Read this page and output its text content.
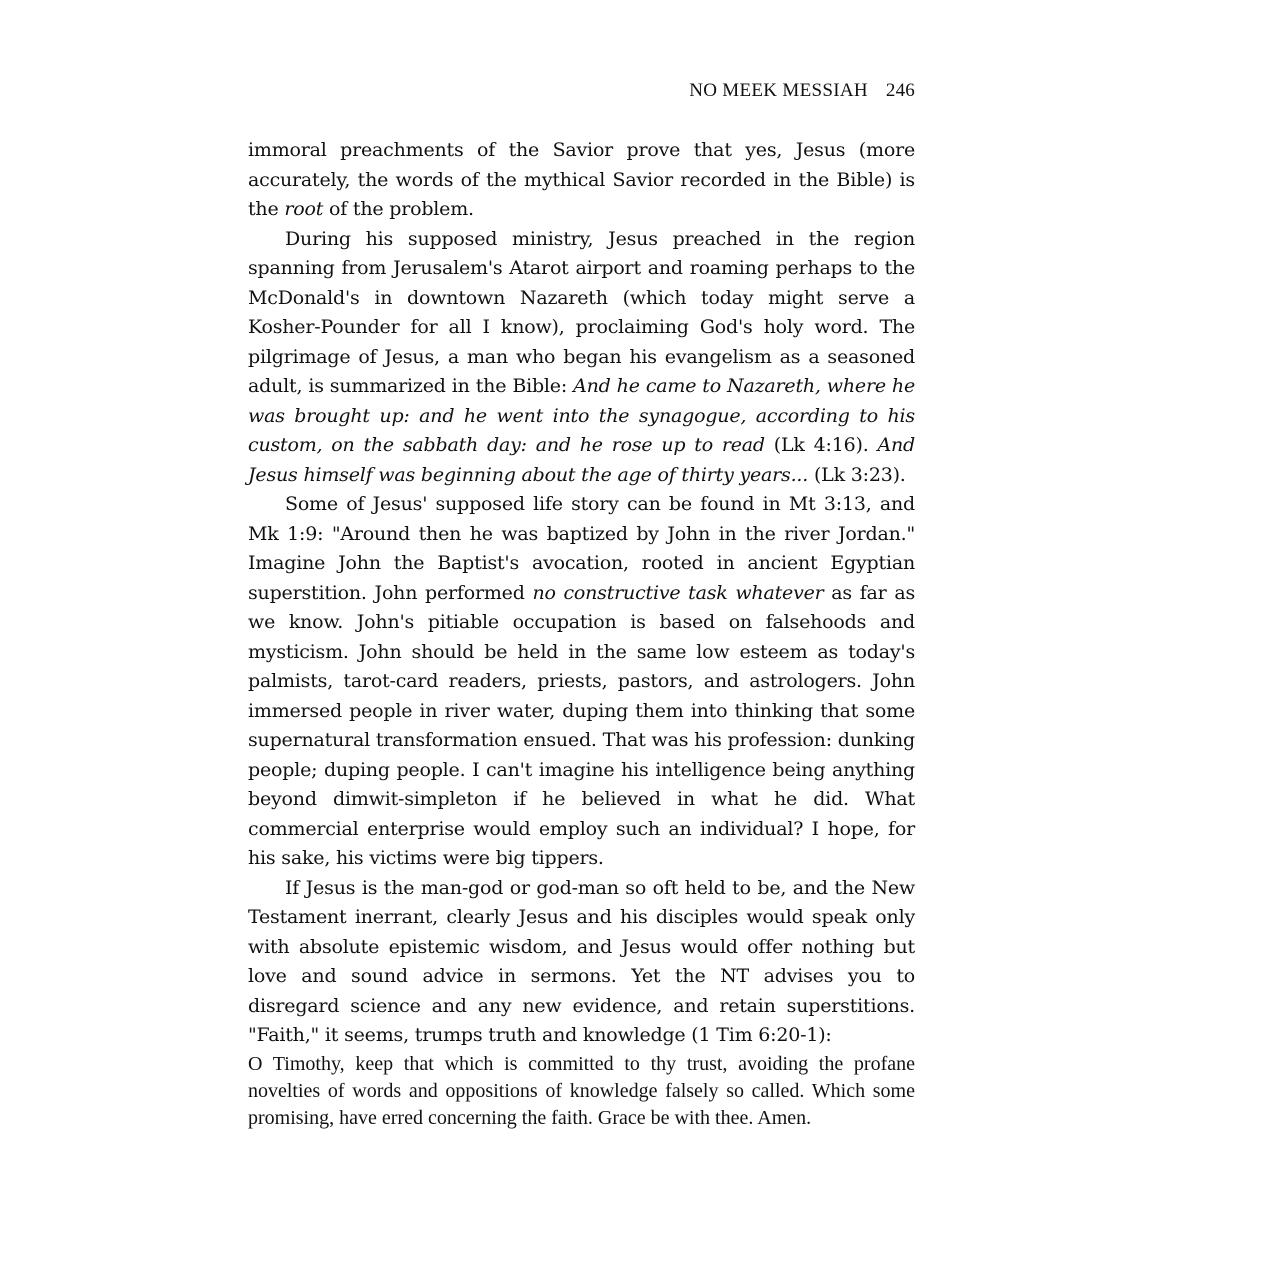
NO MEEK MESSIAH 246

immoral preachments of the Savior prove that yes, Jesus (more accurately, the words of the mythical Savior recorded in the Bible) is the root of the problem.

During his supposed ministry, Jesus preached in the region spanning from Jerusalem's Atarot airport and roaming perhaps to the McDonald's in downtown Nazareth (which today might serve a Kosher-Pounder for all I know), proclaiming God's holy word. The pilgrimage of Jesus, a man who began his evangelism as a seasoned adult, is summarized in the Bible: And he came to Nazareth, where he was brought up: and he went into the synagogue, according to his custom, on the sabbath day: and he rose up to read (Lk 4:16). And Jesus himself was beginning about the age of thirty years... (Lk 3:23).

Some of Jesus' supposed life story can be found in Mt 3:13, and Mk 1:9: "Around then he was baptized by John in the river Jordan." Imagine John the Baptist's avocation, rooted in ancient Egyptian superstition. John performed no constructive task whatever as far as we know. John's pitiable occupation is based on falsehoods and mysticism. John should be held in the same low esteem as today's palmists, tarot-card readers, priests, pastors, and astrologers. John immersed people in river water, duping them into thinking that some supernatural transformation ensued. That was his profession: dunking people; duping people. I can't imagine his intelligence being anything beyond dimwit-simpleton if he believed in what he did. What commercial enterprise would employ such an individual? I hope, for his sake, his victims were big tippers.

If Jesus is the man-god or god-man so oft held to be, and the New Testament inerrant, clearly Jesus and his disciples would speak only with absolute epistemic wisdom, and Jesus would offer nothing but love and sound advice in sermons. Yet the NT advises you to disregard science and any new evidence, and retain superstitions. "Faith," it seems, trumps truth and knowledge (1 Tim 6:20-1):

O Timothy, keep that which is committed to thy trust, avoiding the profane novelties of words and oppositions of knowledge falsely so called. Which some promising, have erred concerning the faith. Grace be with thee. Amen.
